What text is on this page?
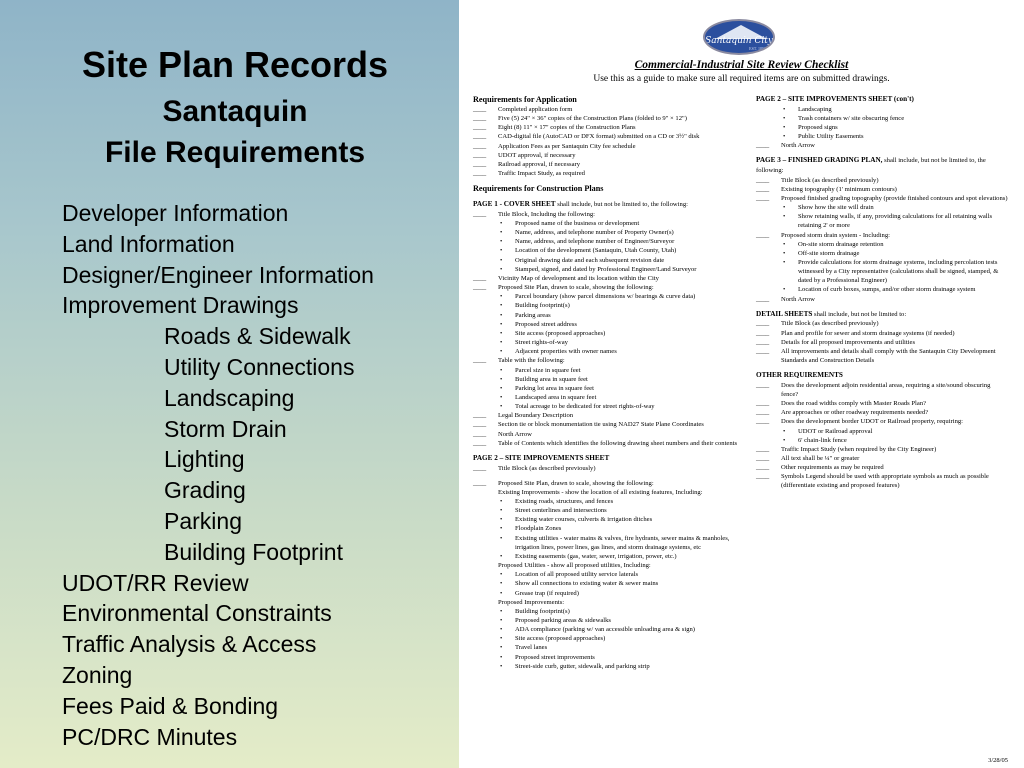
Site Plan Records
Santaquin
File Requirements
Developer Information
Land Information
Designer/Engineer Information
Improvement Drawings
Roads & Sidewalk
Utility Connections
Landscaping
Storm Drain
Lighting
Grading
Parking
Building Footprint
UDOT/RR Review
Environmental Constraints
Traffic Analysis & Access
Zoning
Fees Paid & Bonding
PC/DRC Minutes
Santaquin City
EST. 1856
Commercial-Industrial Site Review Checklist
Use this as a guide to make sure all required items are on submitted drawings.
Requirements for Application
____ Completed application form
____ Five (5) 24" × 36" copies of the Construction Plans (folded to 9" × 12")
____ Eight (8) 11" × 17" copies of the Construction Plans
____ CAD-digital file (AutoCAD or DFX format) submitted on a CD or 3½" disk
____ Application Fees as per Santaquin City fee schedule
____ UDOT approval, if necessary
____ Railroad approval, if necessary
____ Traffic Impact Study, as required
Requirements for Construction Plans
PAGE 1 - COVER SHEET shall include, but not be limited to, the following:
____ Title Block, Including the following:
• Proposed name of the business or development
• Name, address, and telephone number of Property Owner(s)
• Name, address, and telephone number of Engineer/Surveyor
• Location of the development (Santaquin, Utah County, Utah)
• Original drawing date and each subsequent revision date
• Stamped, signed, and dated by Professional Engineer/Land Surveyor
____ Vicinity Map of development and its location within the City
____ Proposed Site Plan, drawn to scale, showing the following:
• Parcel boundary (show parcel dimensions w/ bearings & curve data)
• Building footprint(s)
• Parking areas
• Proposed street address
• Site access (proposed approaches)
• Street rights-of-way
• Adjacent properties with owner names
____ Table with the following:
• Parcel size in square feet
• Building area in square feet
• Parking lot area in square feet
• Landscaped area in square feet
• Total acreage to be dedicated for street rights-of-way
____ Legal Boundary Description
____ Section tie or block monumentation tie using NAD27 State Plane Coordinates
____ North Arrow
____ Table of Contents which identifies the following drawing sheet numbers and their contents
PAGE 2 – SITE IMPROVEMENTS SHEET
____ Title Block (as described previously)
____ Proposed Site Plan, drawn to scale, showing the following:
Existing Improvements - show the location of all existing features, Including:
• Existing roads, structures, and fences
• Street centerlines and intersections
• Existing water courses, culverts & irrigation ditches
• Floodplain Zones
• Existing utilities - water mains & valves, fire hydrants, sewer mains & manholes, irrigation lines, power lines, gas lines, and storm drainage systems, etc
• Existing easements (gas, water, sewer, irrigation, power, etc.)
Proposed Utilities - show all proposed utilities, Including:
• Location of all proposed utility service laterals
• Show all connections to existing water & sewer mains
• Grease trap (if required)
Proposed Improvements:
• Building footprint(s)
• Proposed parking areas & sidewalks
• ADA compliance (parking w/ van accessible unloading area & sign)
• Site access (proposed approaches)
• Travel lanes
• Proposed street improvements
• Street-side curb, gutter, sidewalk, and parking strip
PAGE 2 – SITE IMPROVEMENTS SHEET (con't)
• Landscaping
• Trash containers w/ site obscuring fence
• Proposed signs
• Public Utility Easements
____ North Arrow
PAGE 3 – FINISHED GRADING PLAN, shall include, but not be limited to, the following:
____ Title Block (as described previously)
____ Existing topography (1' minimum contours)
____ Proposed finished grading topography (provide finished contours and spot elevations)
• Show how the site will drain
• Show retaining walls, if any, providing calculations for all retaining walls retaining 2' or more
____ Proposed storm drain system - Including:
• On-site storm drainage retention
• Off-site storm drainage
• Provide calculations for storm drainage systems, including percolation tests witnessed by a City representative (calculations shall be signed, stamped, & dated by a Professional Engineer)
• Location of curb boxes, sumps, and/or other storm drainage system
____ North Arrow
DETAIL SHEETS shall include, but not be limited to:
____ Title Block (as described previously)
____ Plan and profile for sewer and storm drainage systems (if needed)
____ Details for all proposed improvements and utilities
____ All improvements and details shall comply with the Santaquin City Development Standards and Construction Details
OTHER REQUIREMENTS
____ Does the development adjoin residential areas, requiring a site/sound obscuring fence?
____ Does the road widths comply with Master Roads Plan?
____ Are approaches or other roadway requirements needed?
____ Does the development border UDOT or Railroad property, requiring:
• UDOT or Railroad approval
• 6' chain-link fence
____ Traffic Impact Study (when required by the City Engineer)
____ All text shall be ¼" or greater
____ Other requirements as may be required
____ Symbols Legend should be used with appropriate symbols as much as possible (differentiate existing and proposed features)
3/28/05
